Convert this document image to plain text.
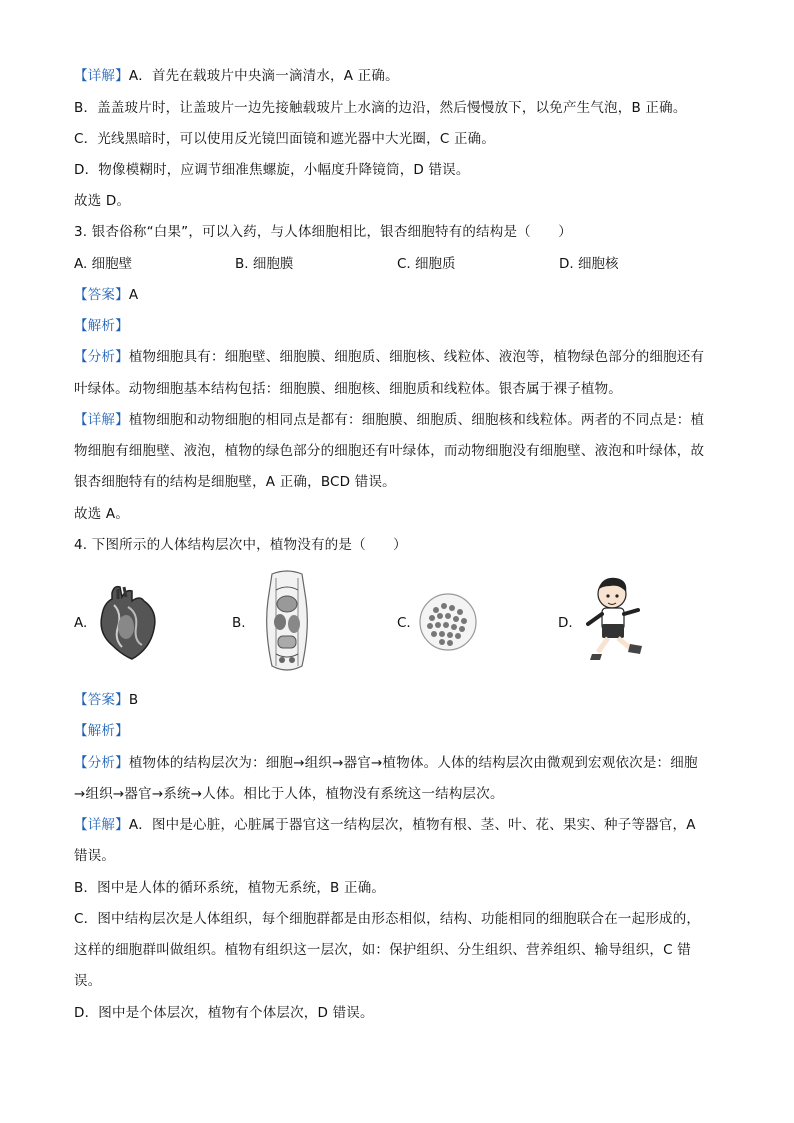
【详解】A．首先在载玻片中央滴一滴清水，A 正确。
B．盖盖玻片时，让盖玻片一边先接触载玻片上水滴的边沿，然后慢慢放下，以免产生气泡，B 正确。
C．光线黑暗时，可以使用反光镜凹面镜和遮光器中大光圈，C 正确。
D．物像模糊时，应调节细准焦螺旋，小幅度升降镜筒，D 错误。
故选 D。
3. 银杏俗称“白果”，可以入药，与人体细胞相比，银杏细胞特有的结构是（　　）
A. 细胞壁	B. 细胞膜	C. 细胞质	D. 细胞核
【答案】A
【解析】
【分析】植物细胞具有：细胞壁、细胞膜、细胞质、细胞核、线粒体、液泡等，植物绿色部分的细胞还有
叶绿体。动物细胞基本结构包括：细胞膜、细胞核、细胞质和线粒体。银杏属于裸子植物。
【详解】植物细胞和动物细胞的相同点是都有：细胞膜、细胞质、细胞核和线粒体。两者的不同点是：植
物细胞有细胞壁、液泡，植物的绿色部分的细胞还有叶绿体，而动物细胞没有细胞壁、液泡和叶绿体，故
银杏细胞特有的结构是细胞壁，A 正确，BCD 错误。
故选 A。
4. 下图所示的人体结构层次中，植物没有的是（　　）
A.	B.	C.	D.
【答案】B
【解析】
【分析】植物体的结构层次为：细胞→组织→器官→植物体。人体的结构层次由微观到宏观依次是：细胞
→组织→器官→系统→人体。相比于人体，植物没有系统这一结构层次。
【详解】A．图中是心脏，心脏属于器官这一结构层次，植物有根、茎、叶、花、果实、种子等器官，A
错误。
B．图中是人体的循环系统，植物无系统，B 正确。
C．图中结构层次是人体组织，每个细胞群都是由形态相似，结构、功能相同的细胞联合在一起形成的，
这样的细胞群叫做组织。植物有组织这一层次，如：保护组织、分生组织、营养组织、输导组织，C 错
误。
D．图中是个体层次，植物有个体层次，D 错误。
